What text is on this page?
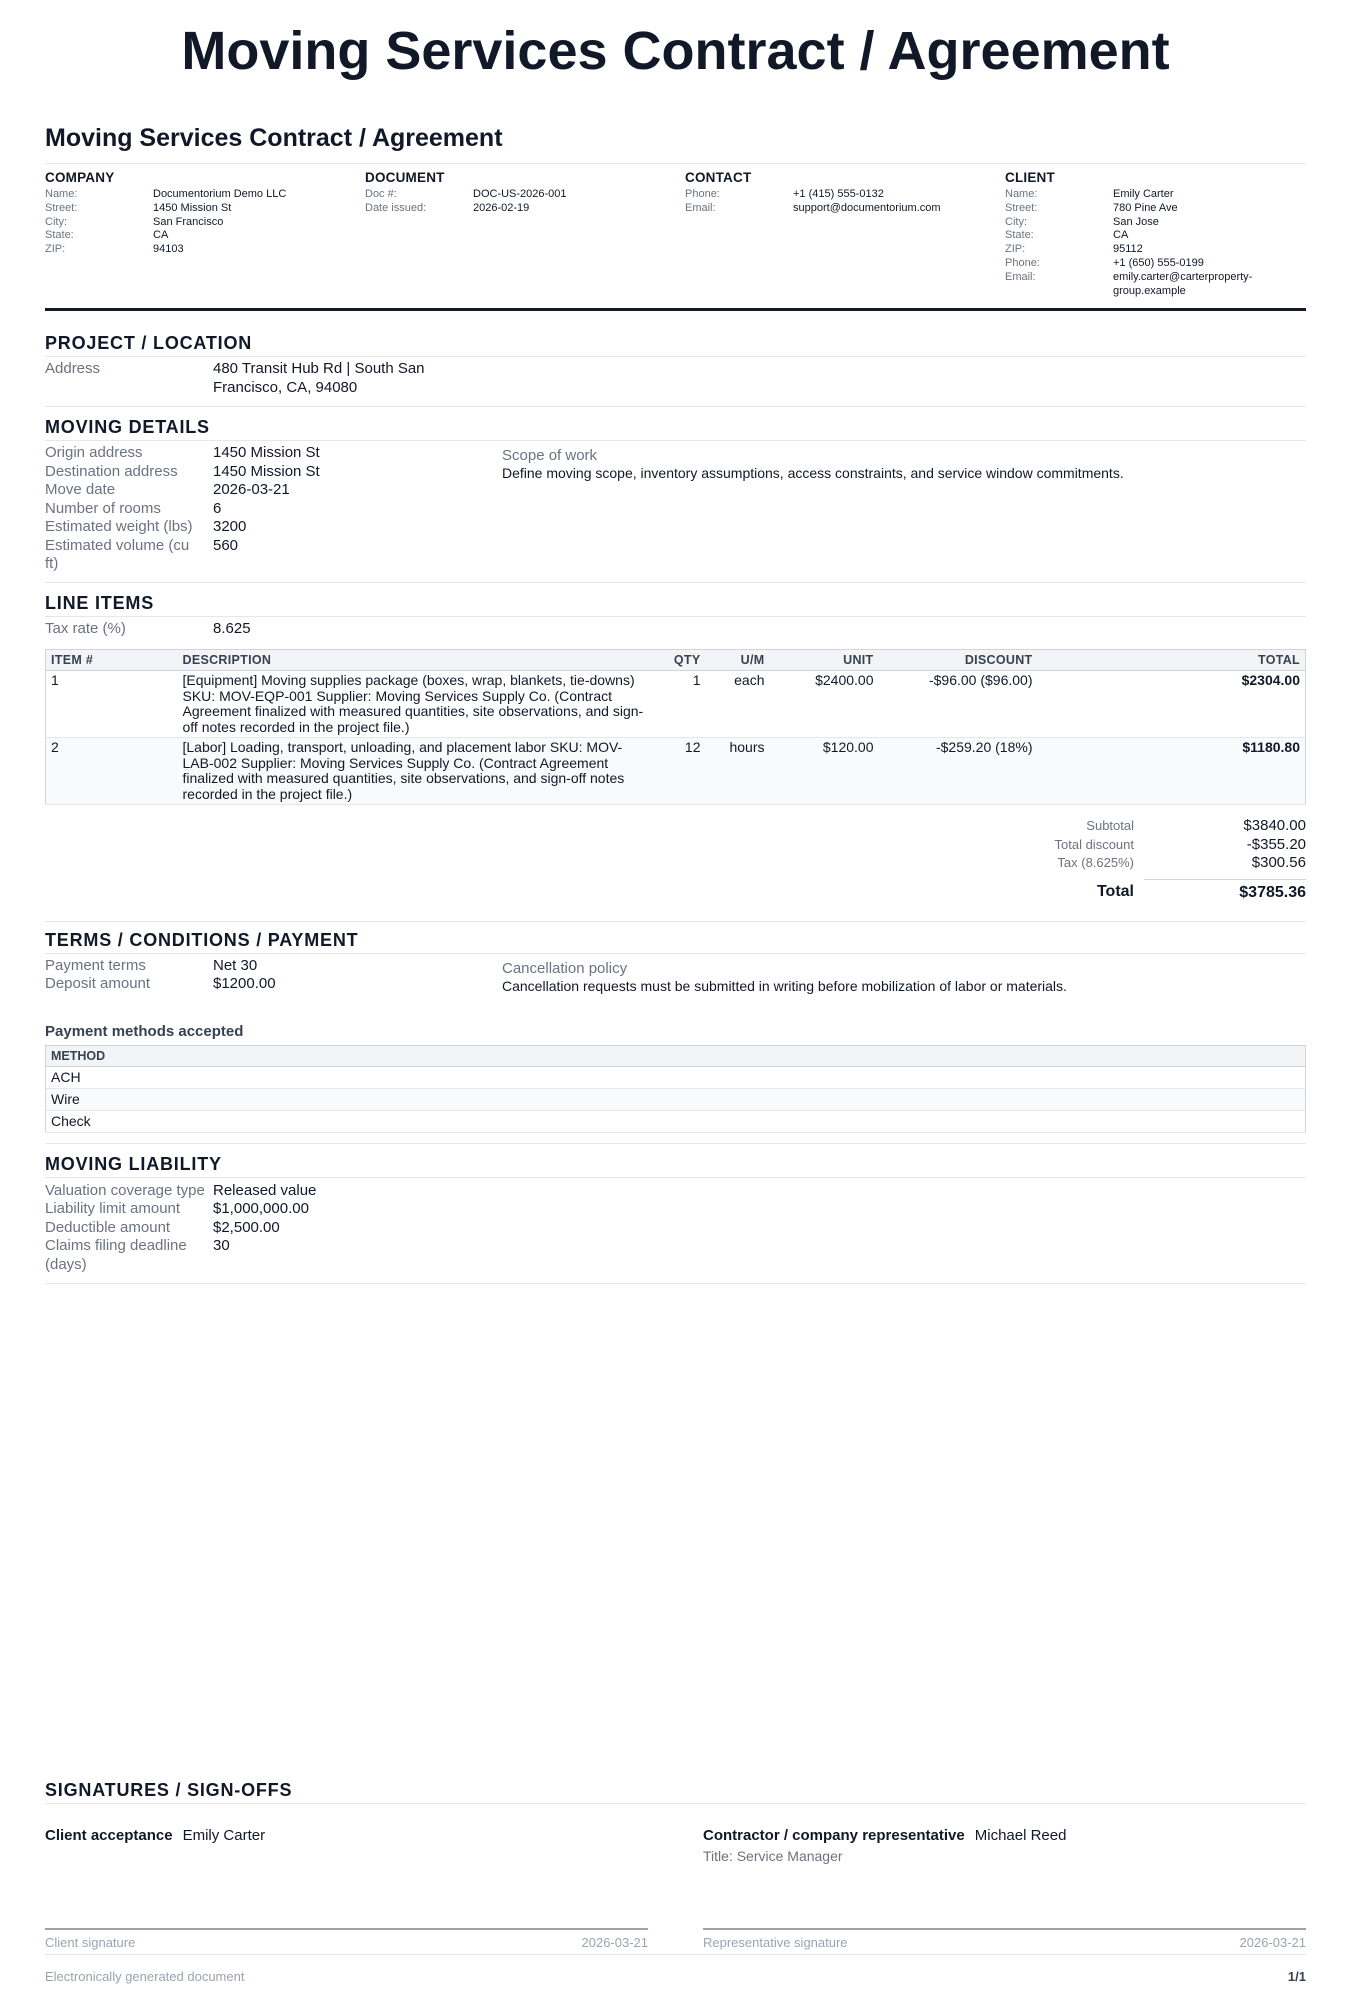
Moving Services Contract / Agreement
Moving Services Contract / Agreement
COMPANY
Name:	Documentorium Demo LLC
Street:	1450 Mission St
City:	San Francisco
State:	CA
ZIP:	94103
DOCUMENT
Doc #:	DOC-US-2026-001
Date issued:	2026-02-19
CONTACT
Phone:	+1 (415) 555-0132
Email:	support@documentorium.com
CLIENT
Name:	Emily Carter
Street:	780 Pine Ave
City:	San Jose
State:	CA
ZIP:	95112
Phone:	+1 (650) 555-0199
Email:	emily.carter@carterproperty-group.example
PROJECT / LOCATION
Address	480 Transit Hub Rd | South San Francisco, CA, 94080
MOVING DETAILS
Origin address	1450 Mission St
Destination address	1450 Mission St
Move date	2026-03-21
Number of rooms	6
Estimated weight (lbs)	3200
Estimated volume (cu ft)
560
Scope of work
Define moving scope, inventory assumptions, access constraints, and service window commitments.
LINE ITEMS
Tax rate (%)	8.625
ITEM #	DESCRIPTION	QTY	U/M	UNIT	DISCOUNT	TOTAL
1	[Equipment] Moving supplies package (boxes, wrap, blankets, tie-downs) SKU: MOV-EQP-001 Supplier: Moving Services Supply Co. (Contract Agreement finalized with measured quantities, site observations, and sign-off notes recorded in the project file.)	1	each	$2400.00	-$96.00 ($96.00)	$2304.00
2	[Labor] Loading, transport, unloading, and placement labor SKU: MOV-LAB-002 Supplier: Moving Services Supply Co. (Contract Agreement finalized with measured quantities, site observations, and sign-off notes recorded in the project file.)	12	hours	$120.00	-$259.20 (18%)	$1180.80
Subtotal	$3840.00
Total discount	-$355.20
Tax (8.625%)	$300.56
Total	$3785.36
TERMS / CONDITIONS / PAYMENT
Payment terms	Net 30
Deposit amount	$1200.00
Cancellation policy
Cancellation requests must be submitted in writing before mobilization of labor or materials.
Payment methods accepted
METHOD
ACH
Wire
Check
MOVING LIABILITY
Valuation coverage type Released value
Liability limit amount	$1,000,000.00
Deductible amount	$2,500.00
Claims filing deadline (days)
30
SIGNATURES / SIGN-OFFS
Client acceptance Emily Carter
Client signature	2026-03-21
Contractor / company representative Michael Reed
Title: Service Manager
Representative signature	2026-03-21
Electronically generated document	1/1
